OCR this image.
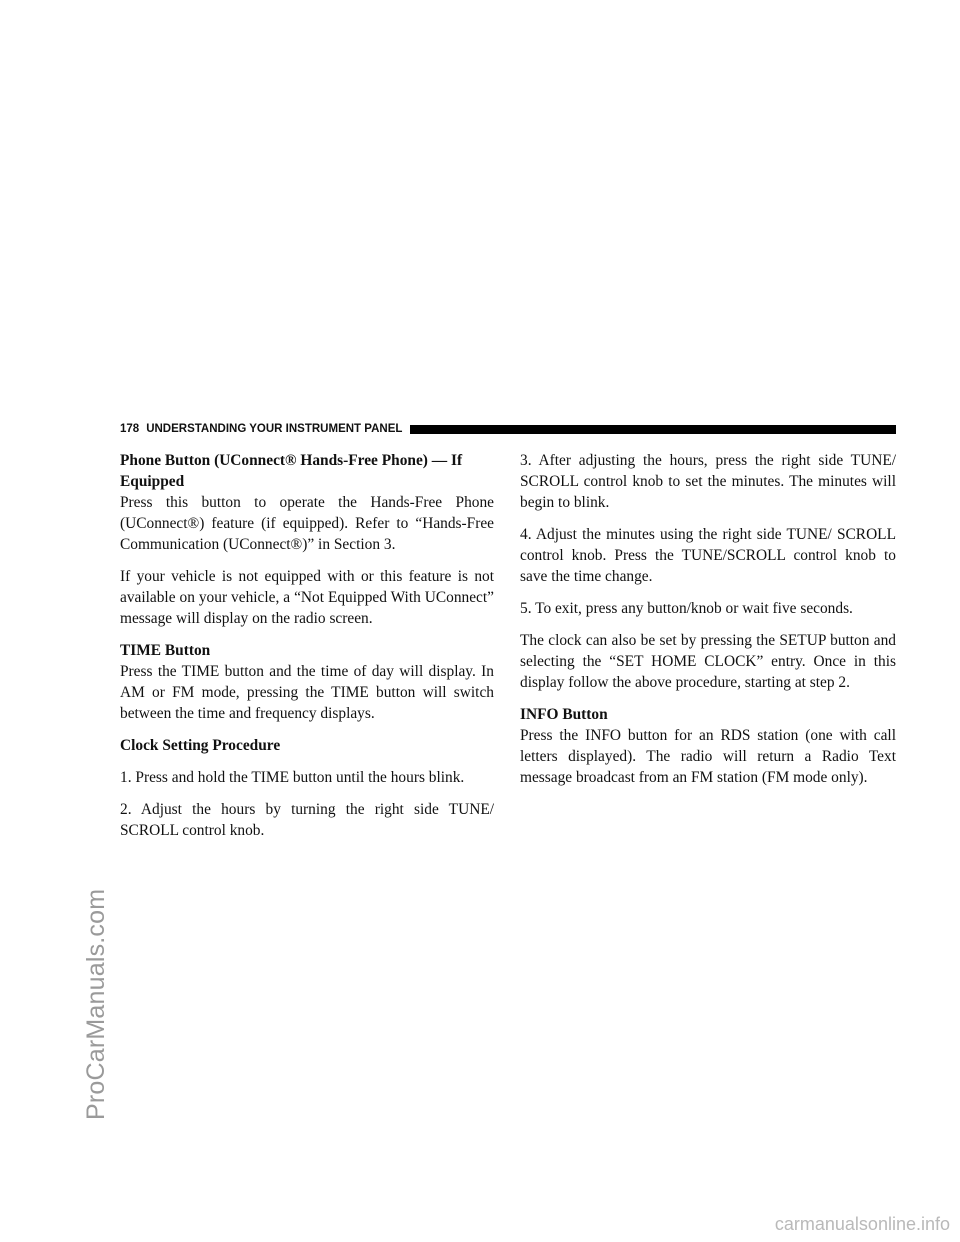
ProCarManuals.com
178 UNDERSTANDING YOUR INSTRUMENT PANEL
Phone Button (UConnect® Hands-Free Phone) — If
Equipped

Press this button to operate the Hands-Free Phone (UConnect®) feature (if equipped). Refer to “Hands-Free Communication (UConnect®)” in Section 3.

If your vehicle is not equipped with or this feature is not available on your vehicle, a “Not Equipped With UConnect” message will display on the radio screen.

TIME Button

Press the TIME button and the time of day will display. In AM or FM mode, pressing the TIME button will switch between the time and frequency displays.

Clock Setting Procedure

1. Press and hold the TIME button until the hours blink.

2. Adjust the hours by turning the right side TUNE/ SCROLL control knob.

3. After adjusting the hours, press the right side TUNE/ SCROLL control knob to set the minutes. The minutes will begin to blink.

4. Adjust the minutes using the right side TUNE/ SCROLL control knob. Press the TUNE/SCROLL control knob to save the time change.

5. To exit, press any button/knob or wait five seconds.

The clock can also be set by pressing the SETUP button and selecting the “SET HOME CLOCK” entry. Once in this display follow the above procedure, starting at step 2.

INFO Button

Press the INFO button for an RDS station (one with call letters displayed). The radio will return a Radio Text message broadcast from an FM station (FM mode only).

carmanualsonline.info
